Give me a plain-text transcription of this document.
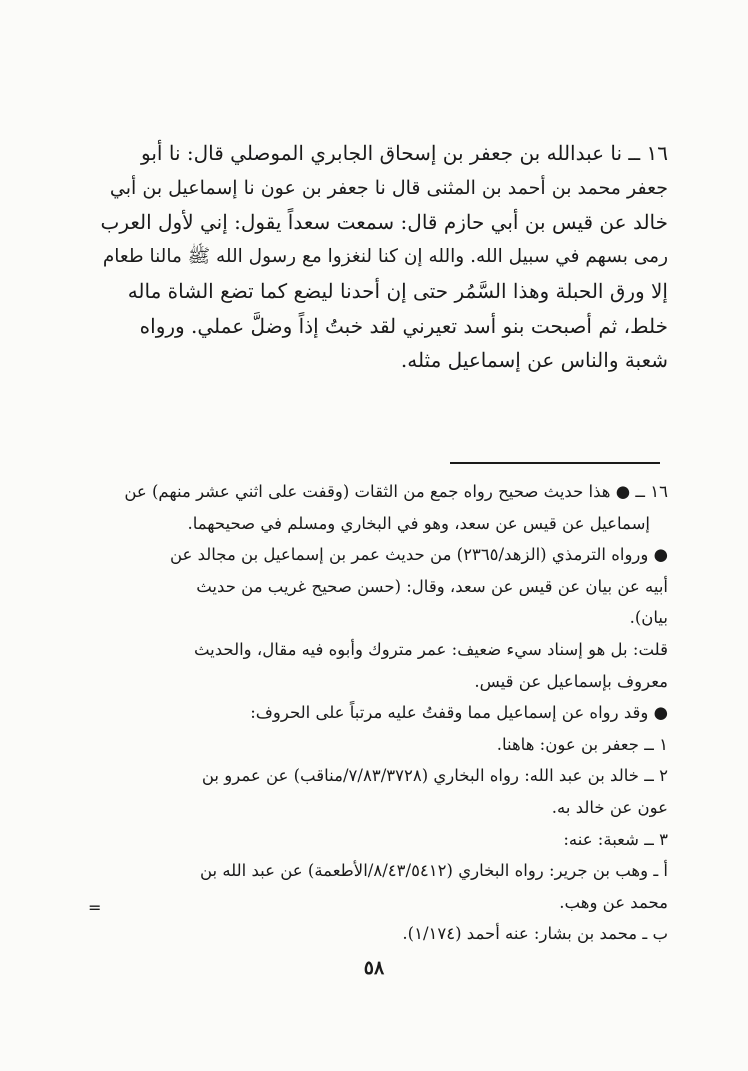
١٦ ــ نا عبدالله بن جعفر بن إسحاق الجابري الموصلي قال: نا أبو
جعفر محمد بن أحمد بن المثنى قال نا جعفر بن عون نا إسماعيل بن أبي
خالد عن قيس بن أبي حازم قال: سمعت سعداً يقول: إني لأول العرب
رمى بسهم في سبيل الله. والله إن كنا لنغزوا مع رسول الله ﷺ مالنا طعام
إلا ورق الحبلة وهذا السَّمُر حتى إن أحدنا ليضع كما تضع الشاة ماله
خلط، ثم أصبحت بنو أسد تعيرني لقد خبتُ إذاً وضلَّ عملي. ورواه
شعبة والناس عن إسماعيل مثله.
١٦ ــ ● هذا حديث صحيح رواه جمع من الثقات (وقفت على اثني عشر منهم) عن
إسماعيل عن قيس عن سعد، وهو في البخاري ومسلم في صحيحهما.
● ورواه الترمذي (الزهد/٢٣٦٥) من حديث عمر بن إسماعيل بن مجالد عن
أبيه عن بيان عن قيس عن سعد، وقال: (حسن صحيح غريب من حديث
بيان).
قلت: بل هو إسناد سيء ضعيف: عمر متروك وأبوه فيه مقال، والحديث
معروف بإسماعيل عن قيس.
● وقد رواه عن إسماعيل مما وقفتُ عليه مرتباً على الحروف:
١ ــ جعفر بن عون: هاهنا.
٢ ــ خالد بن عبد الله: رواه البخاري (٧/٨٣/٣٧٢٨/مناقب) عن عمرو بن
عون عن خالد به.
٣ ــ شعبة: عنه:
أ ـ وهب بن جرير: رواه البخاري (٨/٤٣/٥٤١٢/الأطعمة) عن عبد الله بن
محمد عن وهب.
ب ـ محمد بن بشار: عنه أحمد (١/١٧٤).
=
٥٨
